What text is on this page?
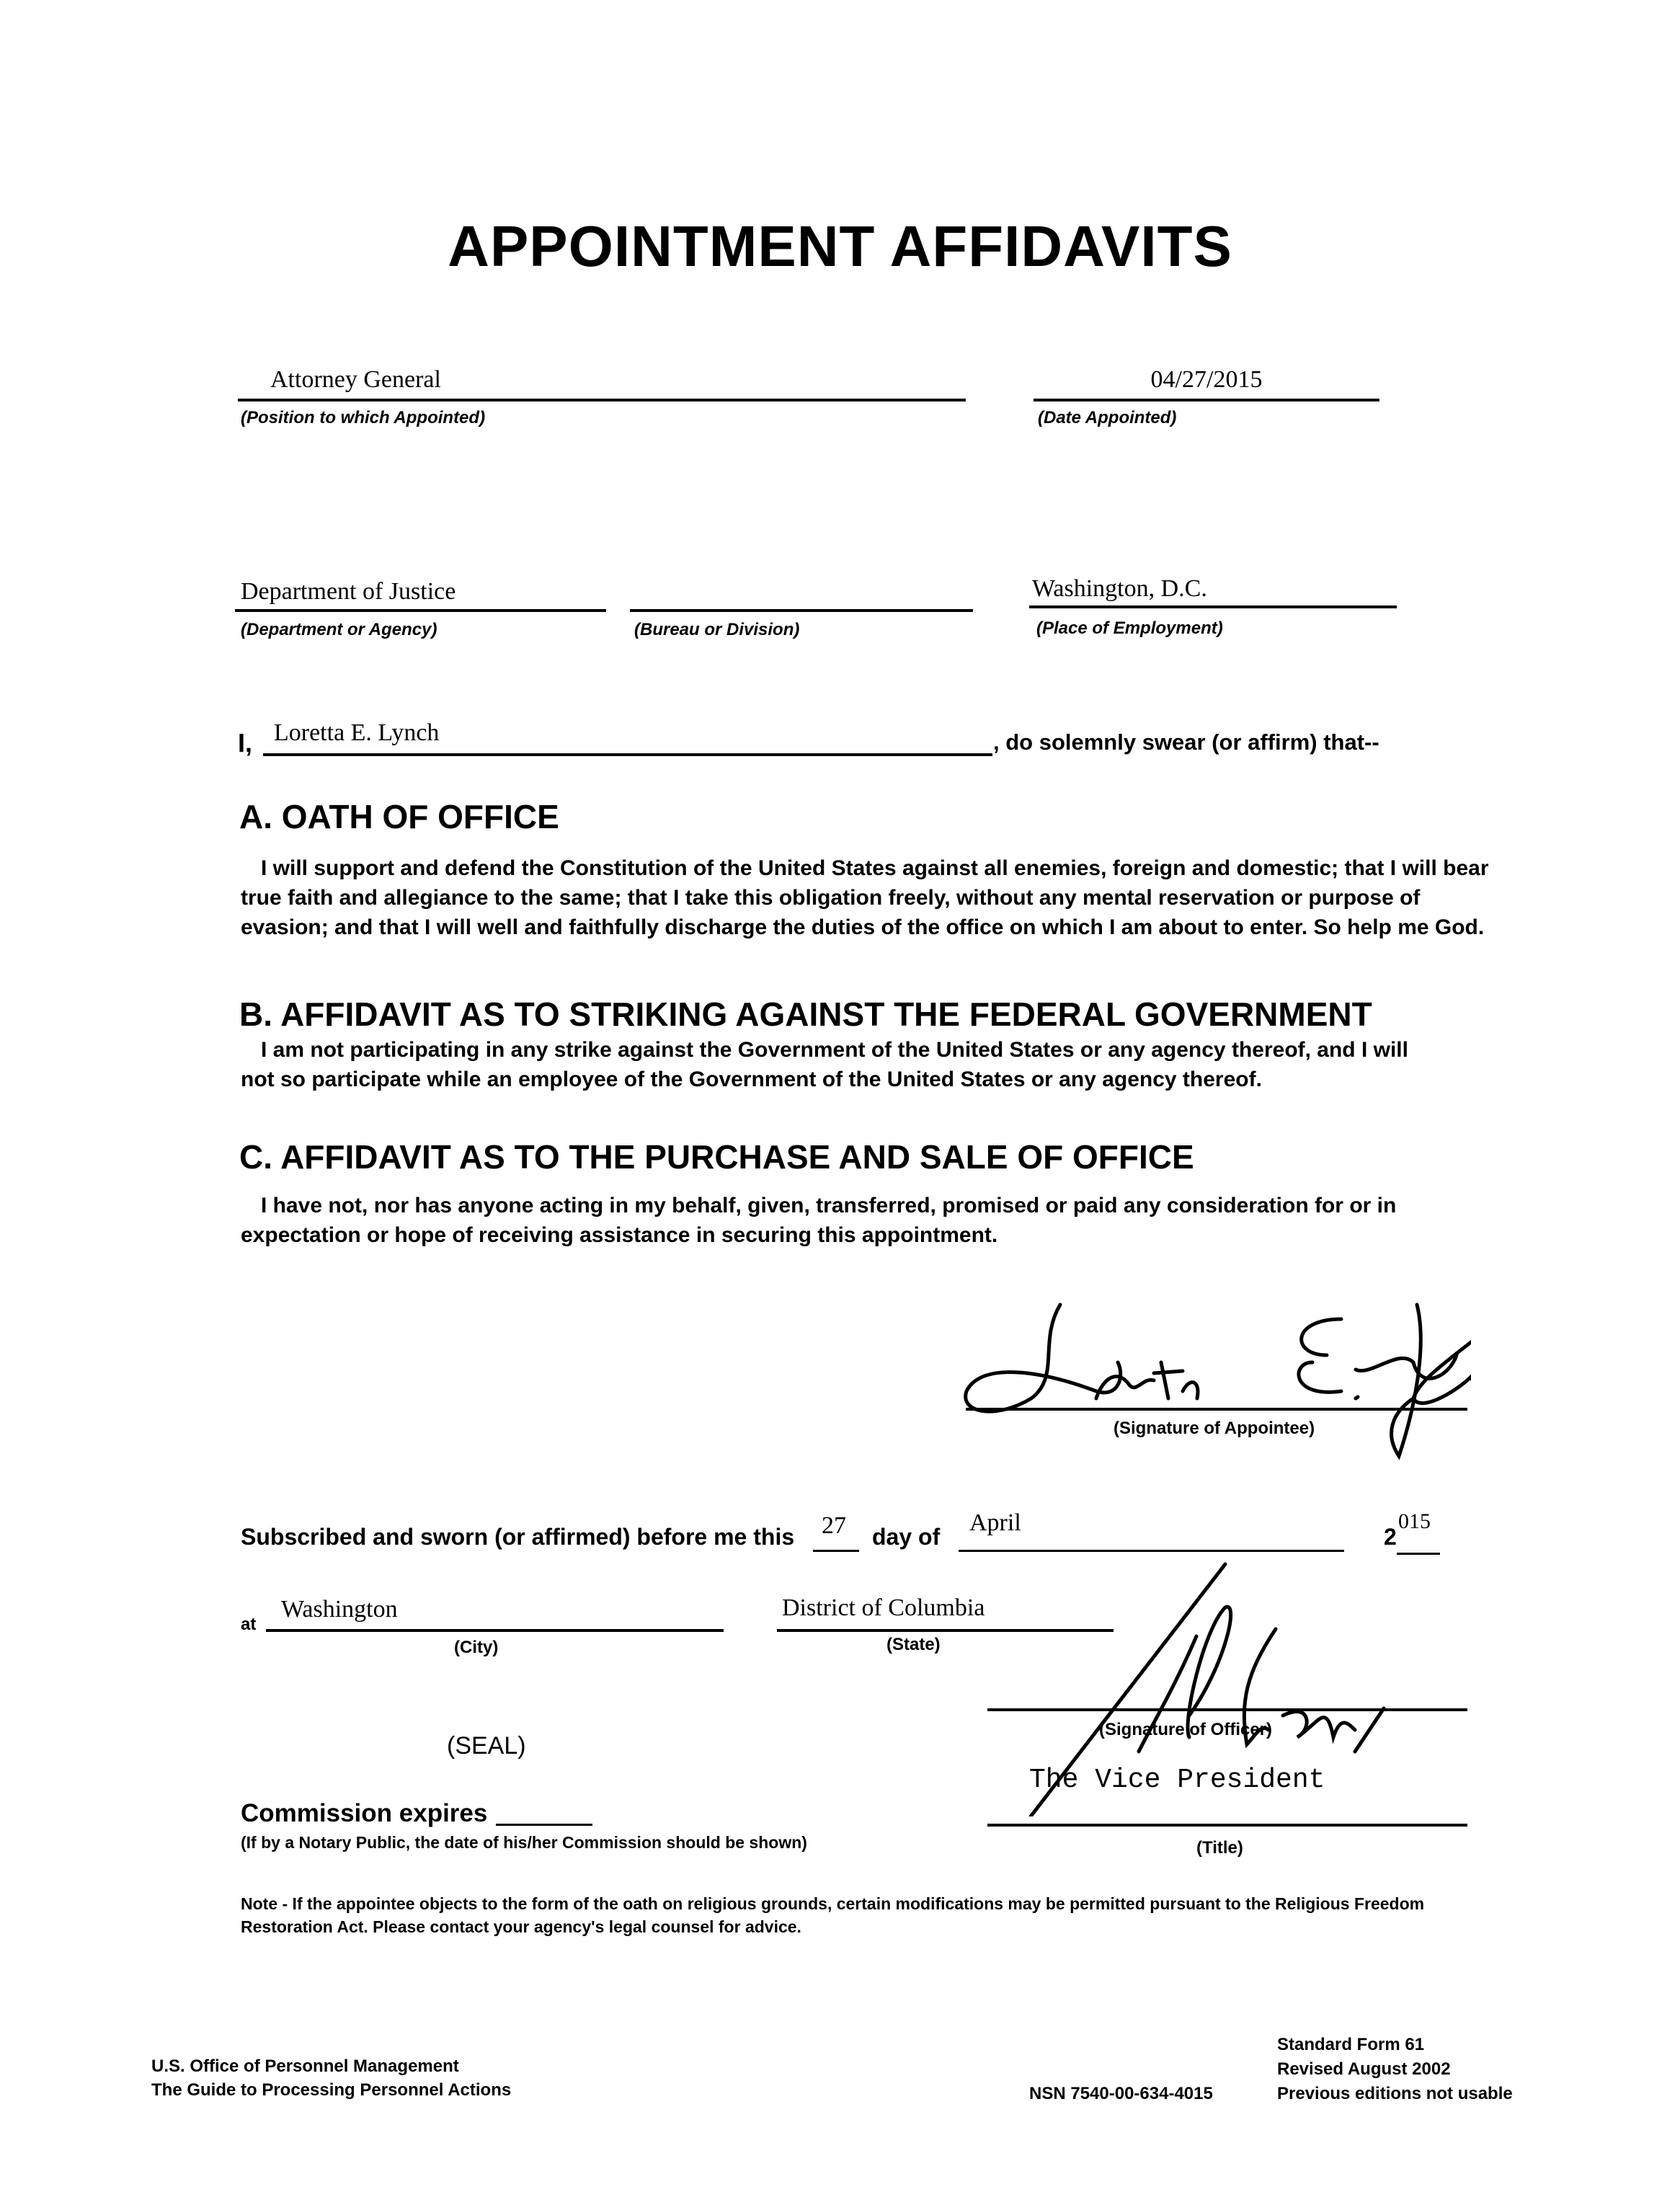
APPOINTMENT AFFIDAVITS
Attorney General
(Position to which Appointed)
04/27/2015
(Date Appointed)
Department of Justice
(Department or Agency)	(Bureau or Division)
Washington, D.C.
(Place of Employment)
I, Loretta E. Lynch	, do solemnly swear (or affirm) that--
A. OATH OF OFFICE
I will support and defend the Constitution of the United States against all enemies, foreign and domestic; that I will bear true faith and allegiance to the same; that I take this obligation freely, without any mental reservation or purpose of evasion; and that I will well and faithfully discharge the duties of the office on which I am about to enter. So help me God.
B. AFFIDAVIT AS TO STRIKING AGAINST THE FEDERAL GOVERNMENT
I am not participating in any strike against the Government of the United States or any agency thereof, and I will not so participate while an employee of the Government of the United States or any agency thereof.
C. AFFIDAVIT AS TO THE PURCHASE AND SALE OF OFFICE
I have not, nor has anyone acting in my behalf, given, transferred, promised or paid any consideration for or in expectation or hope of receiving assistance in securing this appointment.
(Signature of Appointee)
Subscribed and sworn (or affirmed) before me this 27 day of
April
2
015
at
Washington
(City)
District of Columbia
(State)
(Signature of Officer)
(SEAL)
The Vice President
Commission expires
(If by a Notary Public, the date of his/her Commission should be shown)	(Title)
Note - If the appointee objects to the form of the oath on religious grounds, certain modifications may be permitted pursuant to the Religious Freedom Restoration Act. Please contact your agency's legal counsel for advice.
U.S. Office of Personnel Management
The Guide to Processing Personnel Actions	NSN 7540-00-634-4015
Standard Form 61
Revised August 2002
Previous editions not usable
